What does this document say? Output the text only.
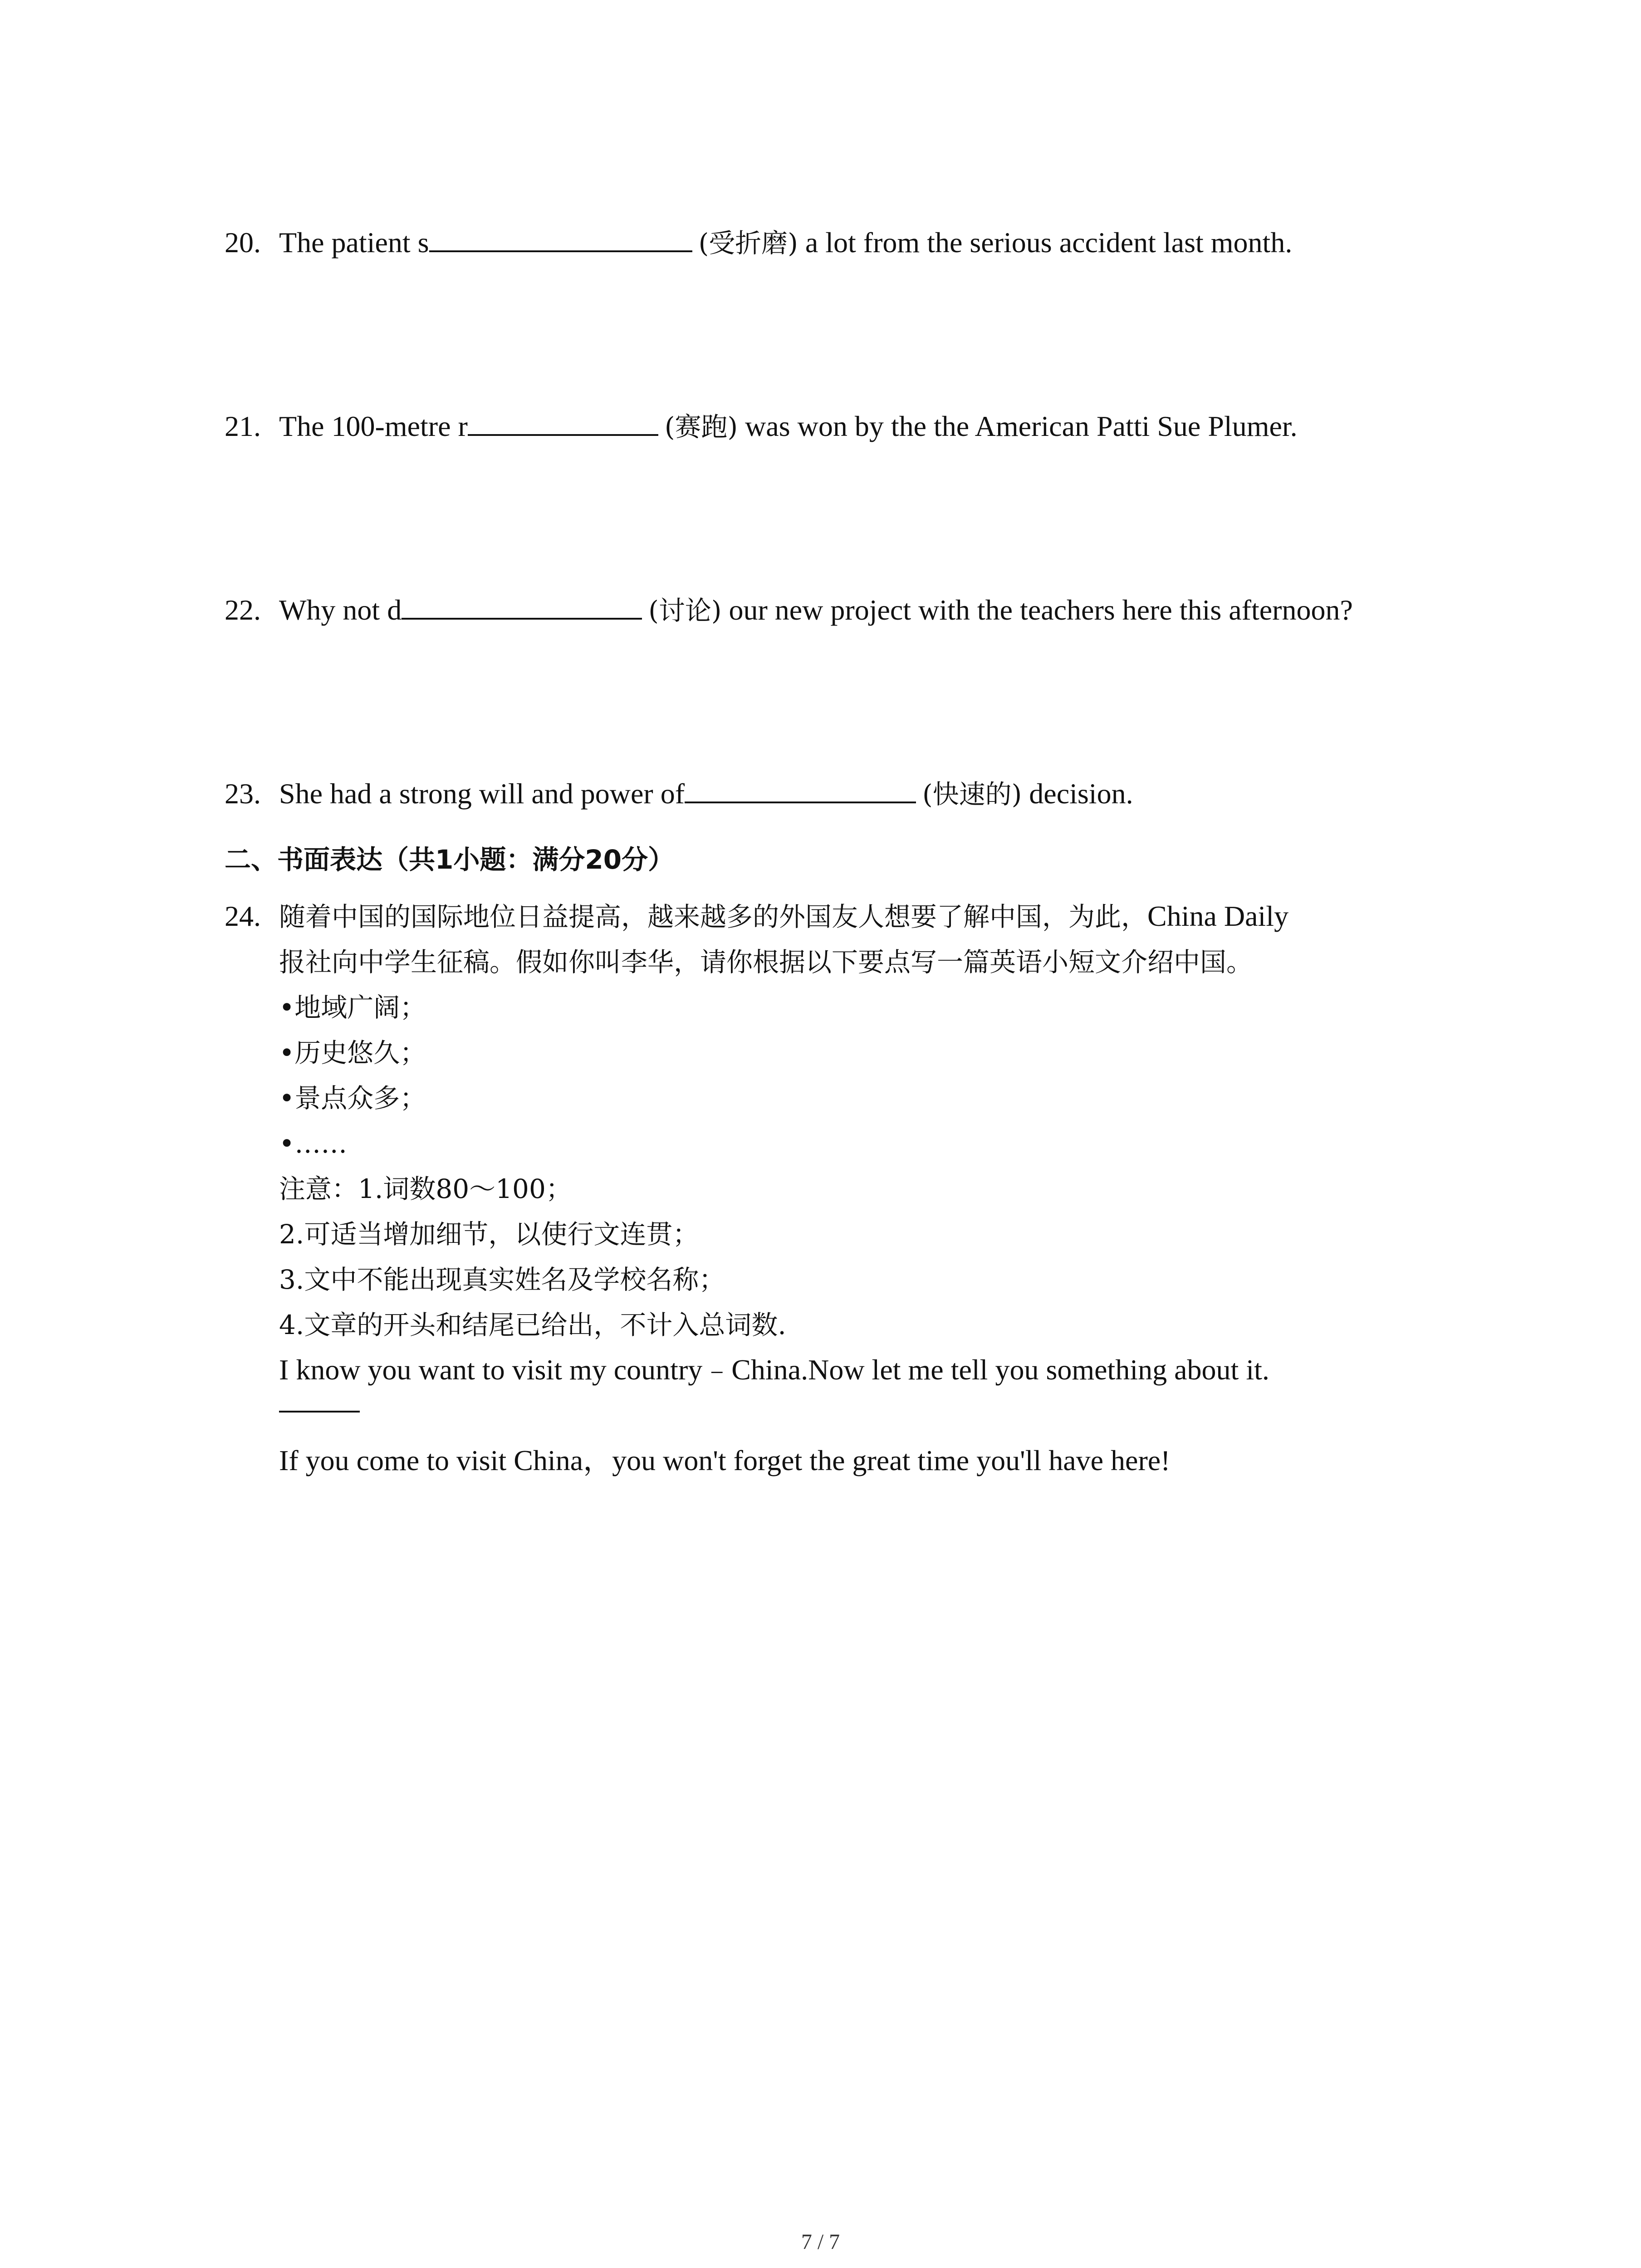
20. The patient s	(受折磨) a lot from the serious accident last month.
21. The 100-metre r	(赛跑) was won by the the American Patti Sue Plumer.
22. Why not d	(讨论) our new project with the teachers here this afternoon?
23. She had a strong will and power of	(快速的) decision.
二、书面表达（共1小题：满分20分）
24. 随着中国的国际地位日益提高，越来越多的外国友人想要了解中国，为此，China Daily
报社向中学生征稿。假如你叫李华，请你根据以下要点写一篇英语小短文介绍中国。
•地域广阔；
•历史悠久；
•景点众多；
•……
注意：1.词数80～100；
2.可适当增加细节，以使行文连贯；
3.文中不能出现真实姓名及学校名称；
4.文章的开头和结尾已给出，不计入总词数.
I know you want to visit my country﹣China.Now let me tell you something about it.
If you come to visit China，you won't forget the great time you'll have here!
7 / 7
